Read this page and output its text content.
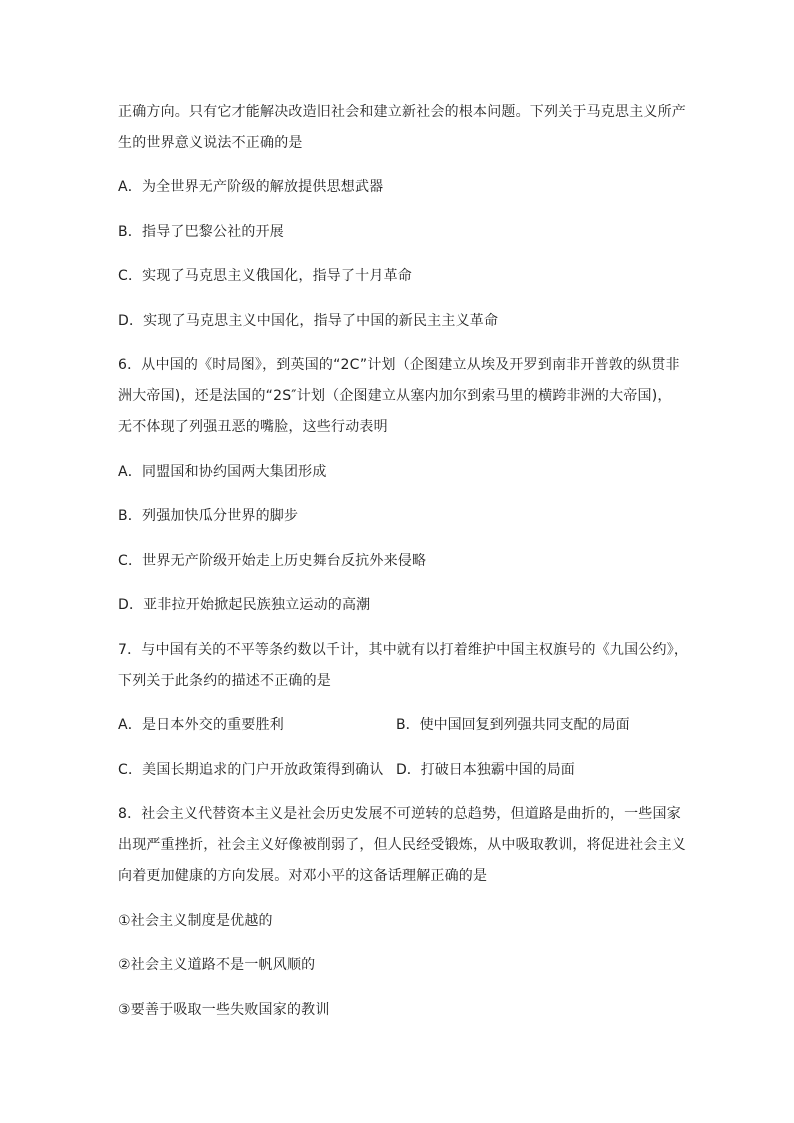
正确方向。只有它才能解决改造旧社会和建立新社会的根本问题。下列关于马克思主义所产
生的世界意义说法不正确的是
A．为全世界无产阶级的解放提供思想武器
B．指导了巴黎公社的开展
C．实现了马克思主义俄国化，指导了十月革命
D．实现了马克思主义中国化，指导了中国的新民主主义革命
6．从中国的《时局图》，到英国的“2C”计划（企图建立从埃及开罗到南非开普敦的纵贯非
洲大帝国)，还是法国的“2S″计划（企图建立从塞内加尔到索马里的横跨非洲的大帝国)，
无不体现了列强丑恶的嘴脸，这些行动表明
A．同盟国和协约国两大集团形成
B．列强加快瓜分世界的脚步
C．世界无产阶级开始走上历史舞台反抗外来侵略
D．亚非拉开始掀起民族独立运动的高潮
7．与中国有关的不平等条约数以千计，其中就有以打着维护中国主权旗号的《九国公约》，
下列关于此条约的描述不正确的是
A．是日本外交的重要胜利	B．使中国回复到列强共同支配的局面
C．美国长期追求的门户开放政策得到确认 D．打破日本独霸中国的局面
8．社会主义代替资本主义是社会历史发展不可逆转的总趋势，但道路是曲折的，一些国家
出现严重挫折，社会主义好像被削弱了，但人民经受锻炼，从中吸取教训，将促进社会主义
向着更加健康的方向发展。对邓小平的这备话理解正确的是
①社会主义制度是优越的
②社会主义道路不是一帆风顺的
③要善于吸取一些失败国家的教训
